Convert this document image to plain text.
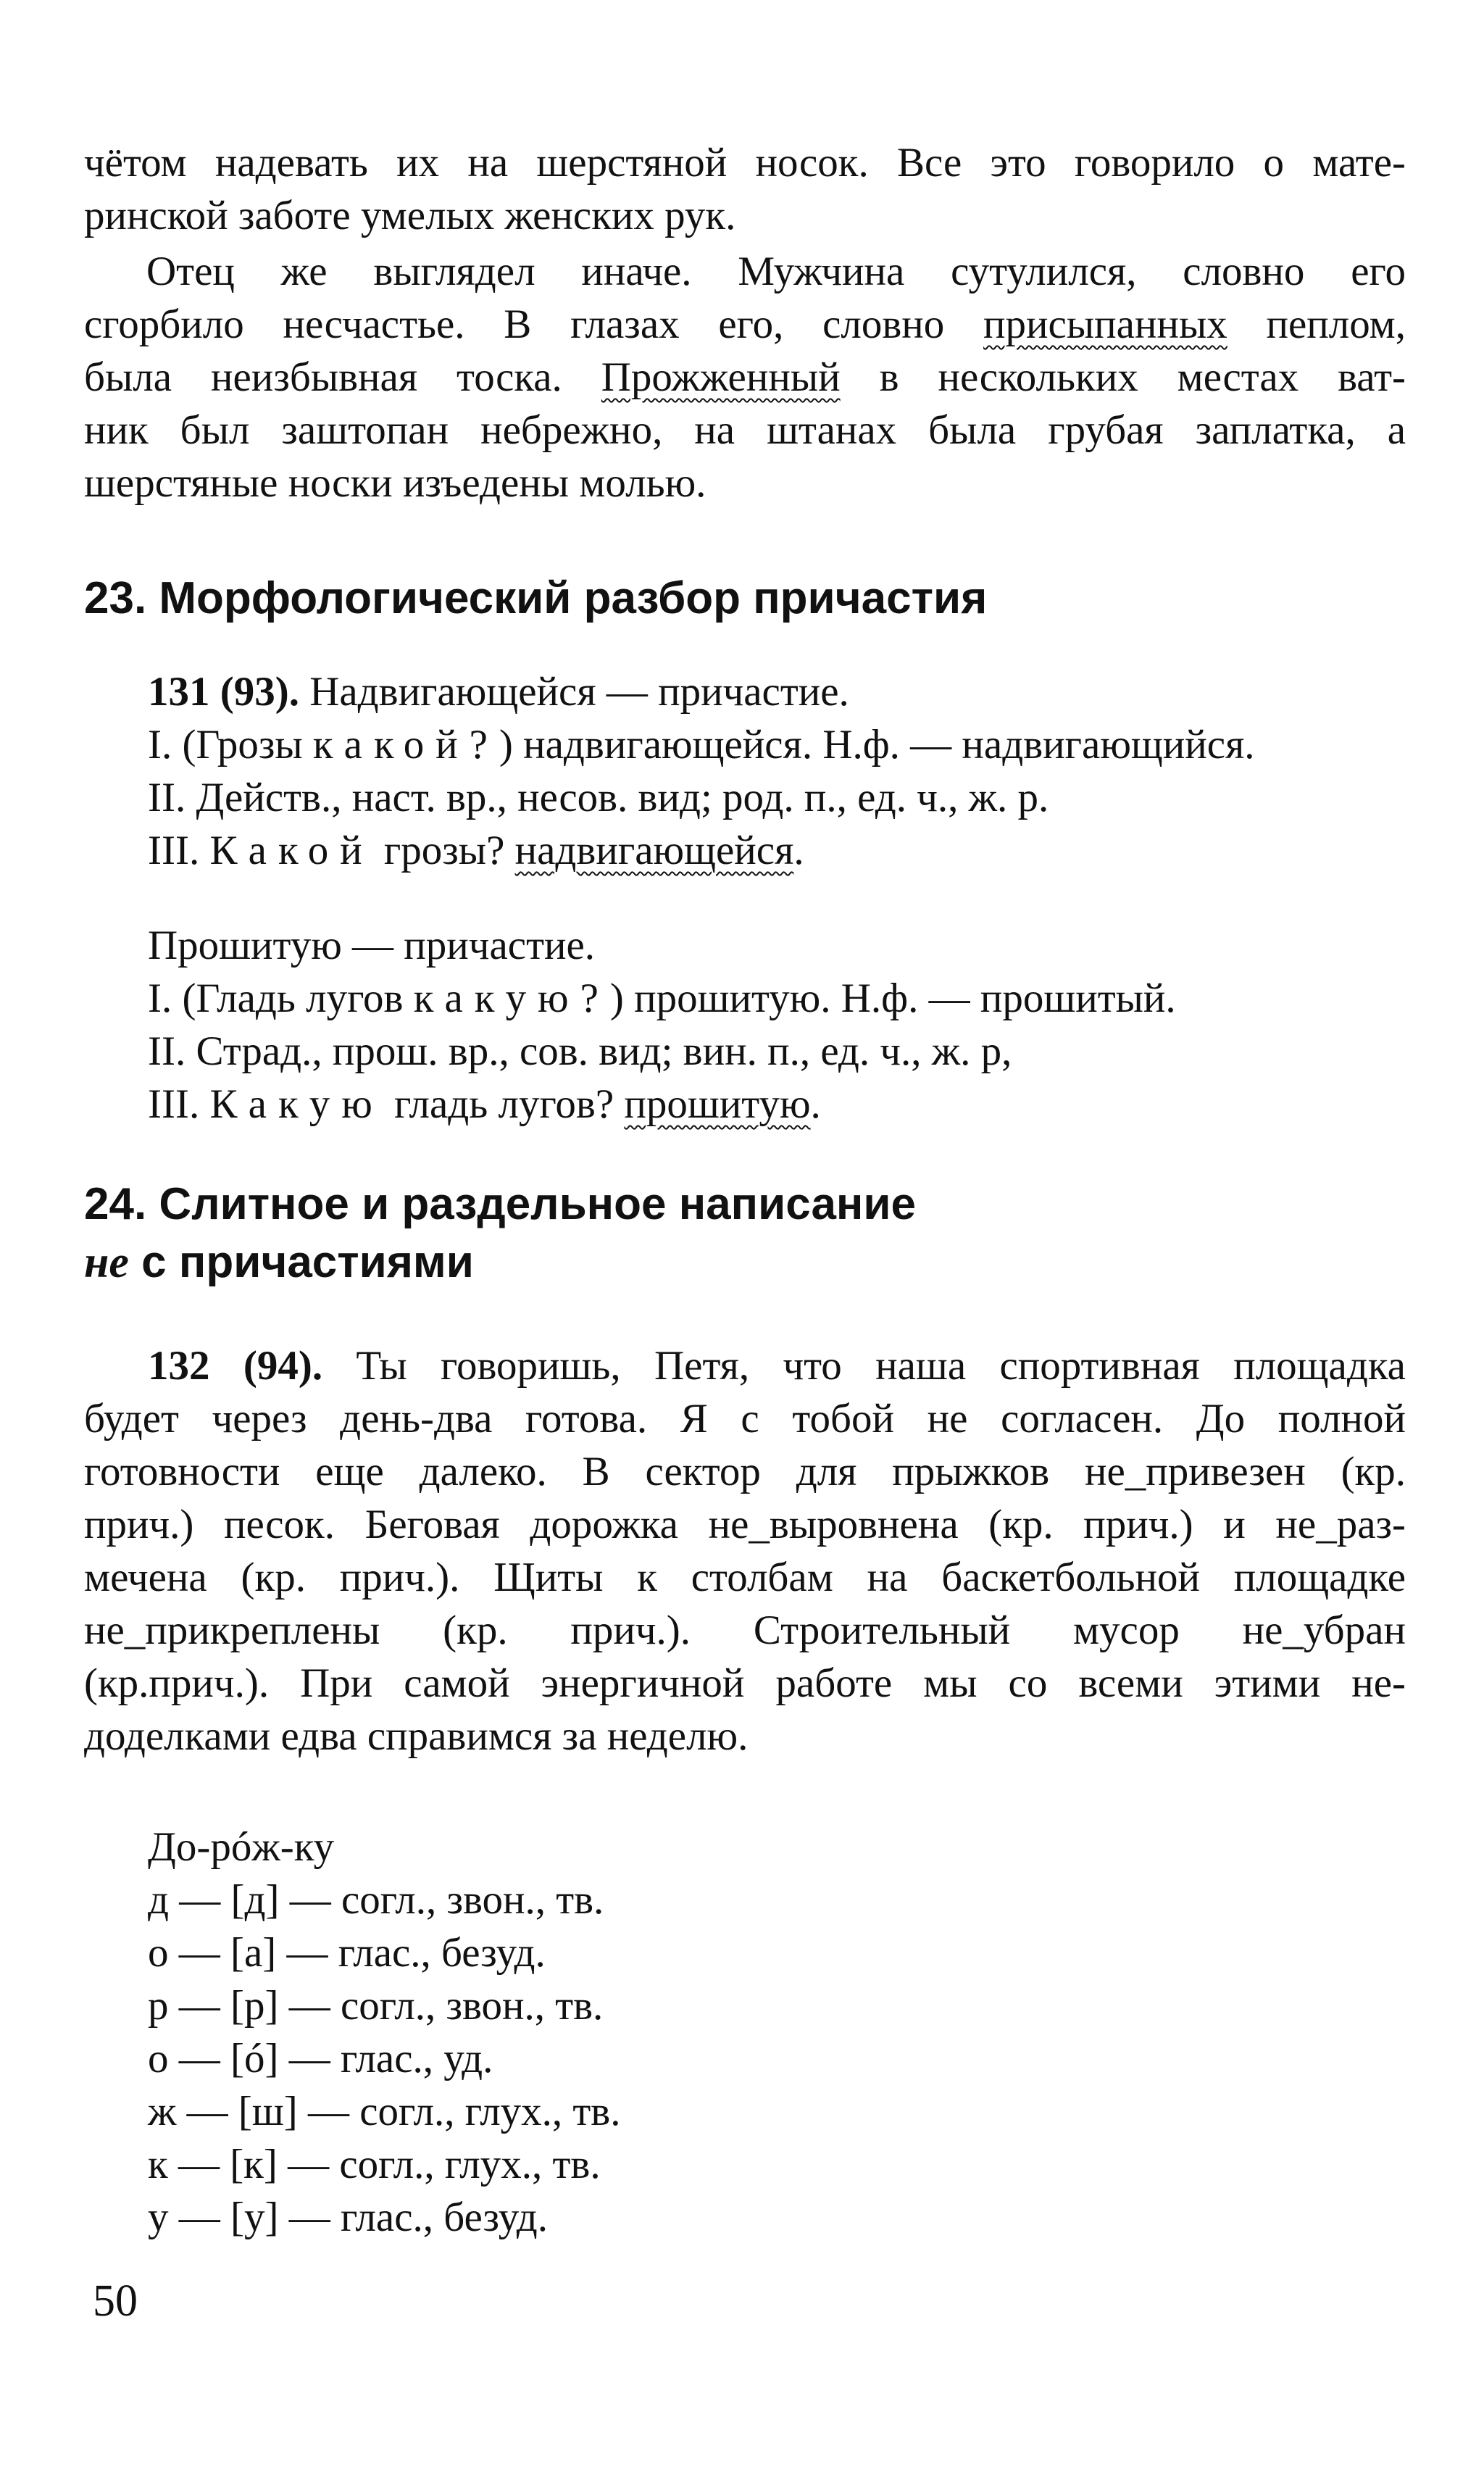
чётом надевать их на шерстяной носок. Все это говорило о мате-
ринской заботе умелых женских рук.
Отец же выглядел иначе. Мужчина сутулился, словно его
сгорбило несчастье. В глазах его, словно присыпанных пеплом,
была неизбывная тоска. Прожженный в нескольких местах ват-
ник был заштопан небрежно, на штанах была грубая заплатка, а
шерстяные носки изъедены молью.
23. Морфологический разбор причастия
131 (93). Надвигающейся — причастие.
I. (Грозы какой?) надвигающейся. Н.ф. — надвигающийся.
II. Действ., наст. вр., несов. вид; род. п., ед. ч., ж. р.
III. Какой грозы? надвигающейся.
Прошитую — причастие.
I. (Гладь лугов какую?) прошитую. Н.ф. — прошитый.
II. Страд., прош. вр., сов. вид; вин. п., ед. ч., ж. р,
III. Какую гладь лугов? прошитую.
24. Слитное и раздельное написание
не с причастиями
132 (94). Ты говоришь, Петя, что наша спортивная площадка
будет через день-два готова. Я с тобой не согласен. До полной
готовности еще далеко. В сектор для прыжков не_привезен (кр.
прич.) песок. Беговая дорожка не_выровнена (кр. прич.) и не_раз-
мечена (кр. прич.). Щиты к столбам на баскетбольной площадке
не_прикреплены (кр. прич.). Строительный мусор не_убран
(кр.прич.). При самой энергичной работе мы со всеми этими не-
доделками едва справимся за неделю.
До-рóж-ку
д — [д] — согл., звон., тв.
о — [а] — глас., безуд.
р — [р] — согл., звон., тв.
о — [ó] — глас., уд.
ж — [ш] — согл., глух., тв.
к — [к] — согл., глух., тв.
у — [у] — глас., безуд.
50
